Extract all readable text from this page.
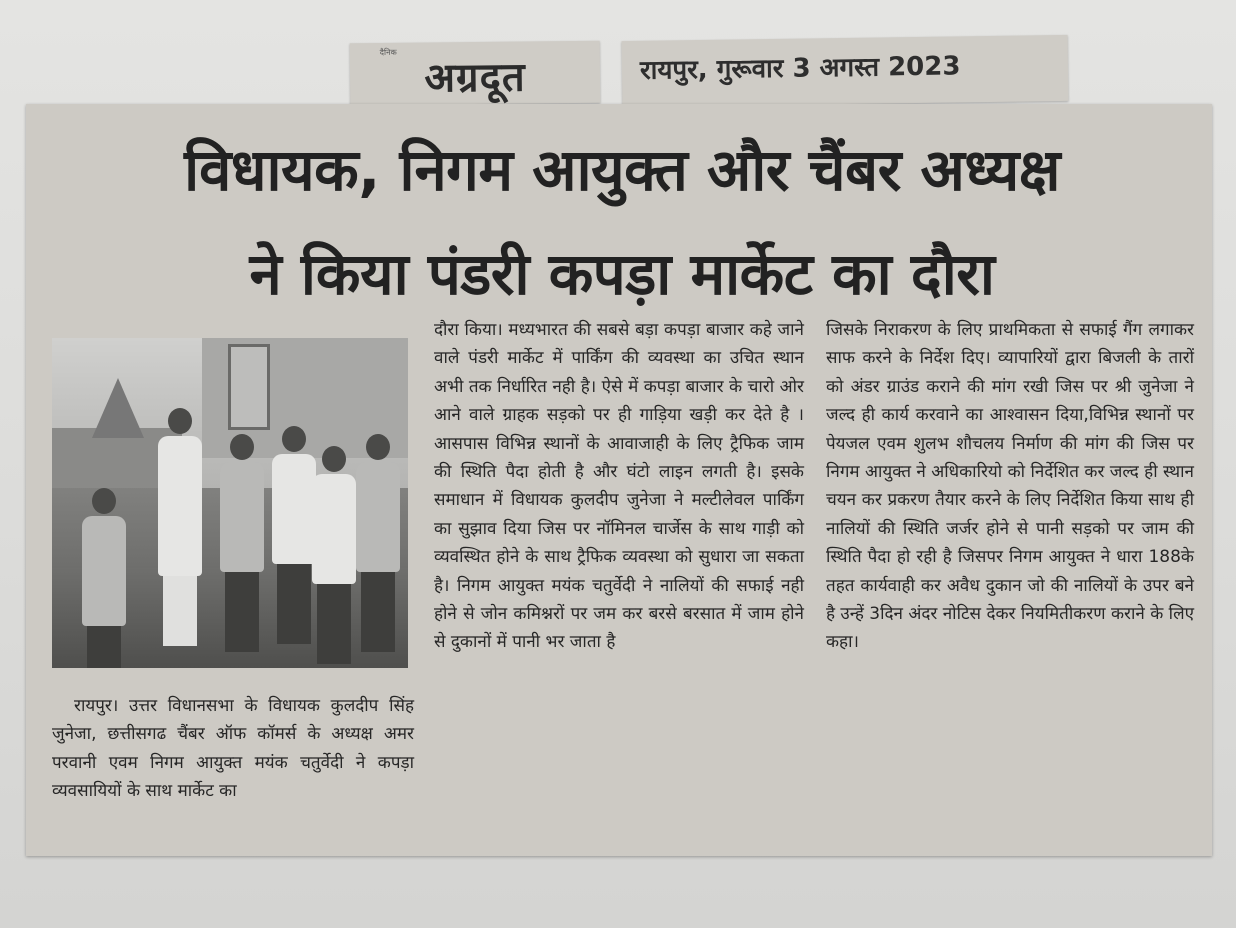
दैनिक
अग्रदूत	रायपुर, गुरूवार 3 अगस्त 2023
विधायक, निगम आयुक्त और चैंबर अध्यक्ष
ने किया पंडरी कपड़ा मार्केट का दौरा
रायपुर। उत्तर विधानसभा के विधायक कुलदीप सिंह जुनेजा, छत्तीसगढ चैंबर ऑफ कॉमर्स के अध्यक्ष अमर परवानी एवम निगम आयुक्त मयंक चतुर्वेदी ने कपड़ा व्यवसायियों के साथ मार्केट का
दौरा किया। मध्यभारत की सबसे बड़ा कपड़ा बाजार कहे जाने वाले पंडरी मार्केट में पार्किंग की व्यवस्था का उचित स्थान अभी तक निर्धारित नही है। ऐसे में कपड़ा बाजार के चारो ओर आने वाले ग्राहक सड़को पर ही गाड़िया खड़ी कर देते है । आसपास विभिन्न स्थानों के आवाजाही के लिए ट्रैफिक जाम की स्थिति पैदा होती है और घंटो लाइन लगती है। इसके समाधान में विधायक कुलदीप जुनेजा ने मल्टीलेवल पार्किंग का सुझाव दिया जिस पर नॉमिनल चार्जेस के साथ गाड़ी को व्यवस्थित होने के साथ ट्रैफिक व्यवस्था को सुधारा जा सकता है। निगम आयुक्त मयंक चतुर्वेदी ने नालियों की सफाई नही होने से जोन कमिश्नरों पर जम कर बरसे बरसात में जाम होने से दुकानों में पानी भर जाता है
जिसके निराकरण के लिए प्राथमिकता से सफाई गैंग लगाकर साफ करने के निर्देश दिए। व्यापारियों द्वारा बिजली के तारों को अंडर ग्राउंड कराने की मांग रखी जिस पर श्री जुनेजा ने जल्द ही कार्य करवाने का आश्वासन दिया,विभिन्न स्थानों पर पेयजल एवम शुलभ शौचलय निर्माण की मांग की जिस पर निगम आयुक्त ने अधिकारियो को निर्देशित कर जल्द ही स्थान चयन कर प्रकरण तैयार करने के लिए निर्देशित किया साथ ही नालियों की स्थिति जर्जर होने से पानी सड़को पर जाम की स्थिति पैदा हो रही है जिसपर निगम आयुक्त ने धारा 188के तहत कार्यवाही कर अवैध दुकान जो की नालियों के उपर बने है उन्हें 3दिन अंदर नोटिस देकर नियमितीकरण कराने के लिए कहा।
